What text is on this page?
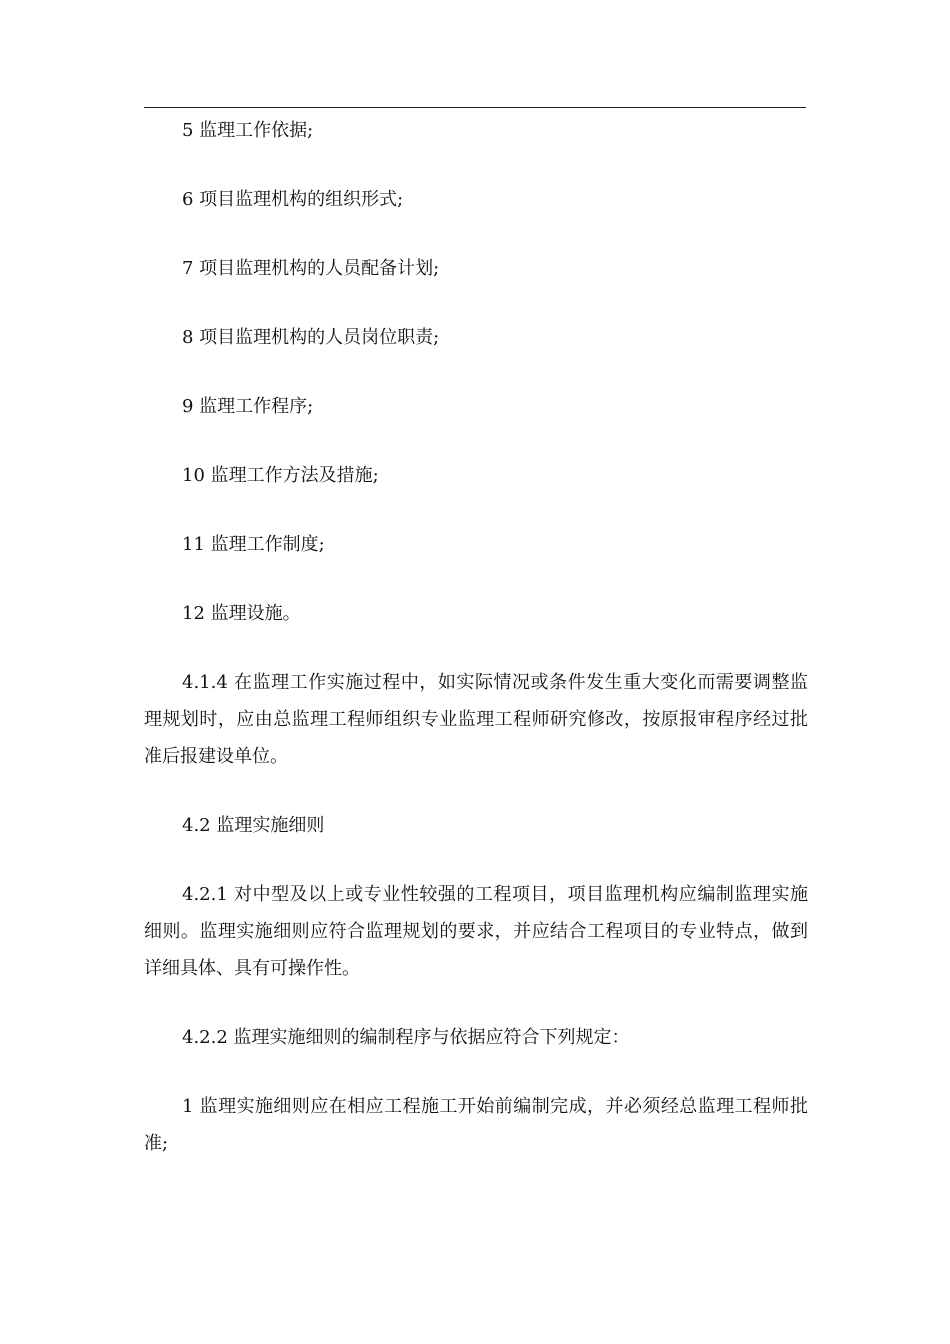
5 监理工作依据;

6 项目监理机构的组织形式;

7 项目监理机构的人员配备计划;

8 项目监理机构的人员岗位职责;

9 监理工作程序;

10 监理工作方法及措施;

11 监理工作制度;

12 监理设施。

4.1.4 在监理工作实施过程中，如实际情况或条件发生重大变化而需要调整监理规划时，应由总监理工程师组织专业监理工程师研究修改，按原报审程序经过批准后报建设单位。

4.2 监理实施细则

4.2.1 对中型及以上或专业性较强的工程项目，项目监理机构应编制监理实施细则。监理实施细则应符合监理规划的要求，并应结合工程项目的专业特点，做到详细具体、具有可操作性。

4.2.2 监理实施细则的编制程序与依据应符合下列规定：

1 监理实施细则应在相应工程施工开始前编制完成，并必须经总监理工程师批准;
